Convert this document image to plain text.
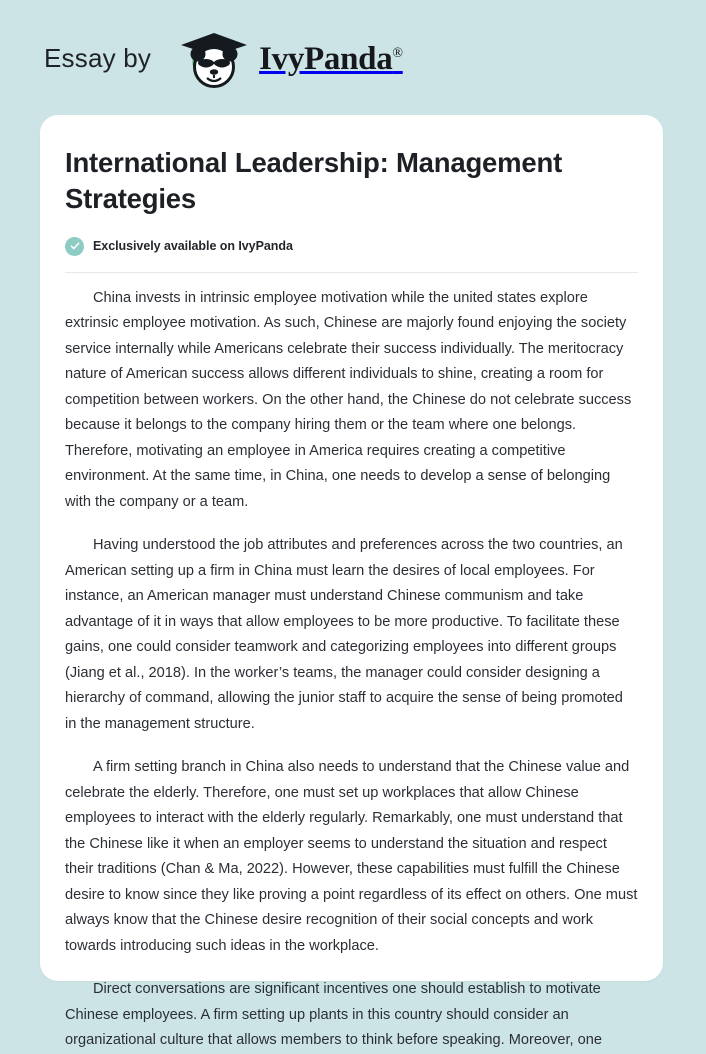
Essay by	IvyPanda®
International Leadership: Management Strategies
Exclusively available on IvyPanda

China invests in intrinsic employee motivation while the united states explore extrinsic employee motivation. As such, Chinese are majorly found enjoying the society service internally while Americans celebrate their success individually. The meritocracy nature of American success allows different individuals to shine, creating a room for competition between workers. On the other hand, the Chinese do not celebrate success because it belongs to the company hiring them or the team where one belongs. Therefore, motivating an employee in America requires creating a competitive environment. At the same time, in China, one needs to develop a sense of belonging with the company or a team.

Having understood the job attributes and preferences across the two countries, an American setting up a firm in China must learn the desires of local employees. For instance, an American manager must understand Chinese communism and take advantage of it in ways that allow employees to be more productive. To facilitate these gains, one could consider teamwork and categorizing employees into different groups (Jiang et al., 2018). In the worker’s teams, the manager could consider designing a hierarchy of command, allowing the junior staff to acquire the sense of being promoted in the management structure.

A firm setting branch in China also needs to understand that the Chinese value and celebrate the elderly. Therefore, one must set up workplaces that allow Chinese employees to interact with the elderly regularly. Remarkably, one must understand that the Chinese like it when an employer seems to understand the situation and respect their traditions (Chan & Ma, 2022). However, these capabilities must fulfill the Chinese desire to know since they like proving a point regardless of its effect on others. One must always know that the Chinese desire recognition of their social concepts and work towards introducing such ideas in the workplace.

Direct conversations are significant incentives one should establish to motivate Chinese employees. A firm setting up plants in this country should consider an organizational culture that allows members to think before speaking. Moreover, one
